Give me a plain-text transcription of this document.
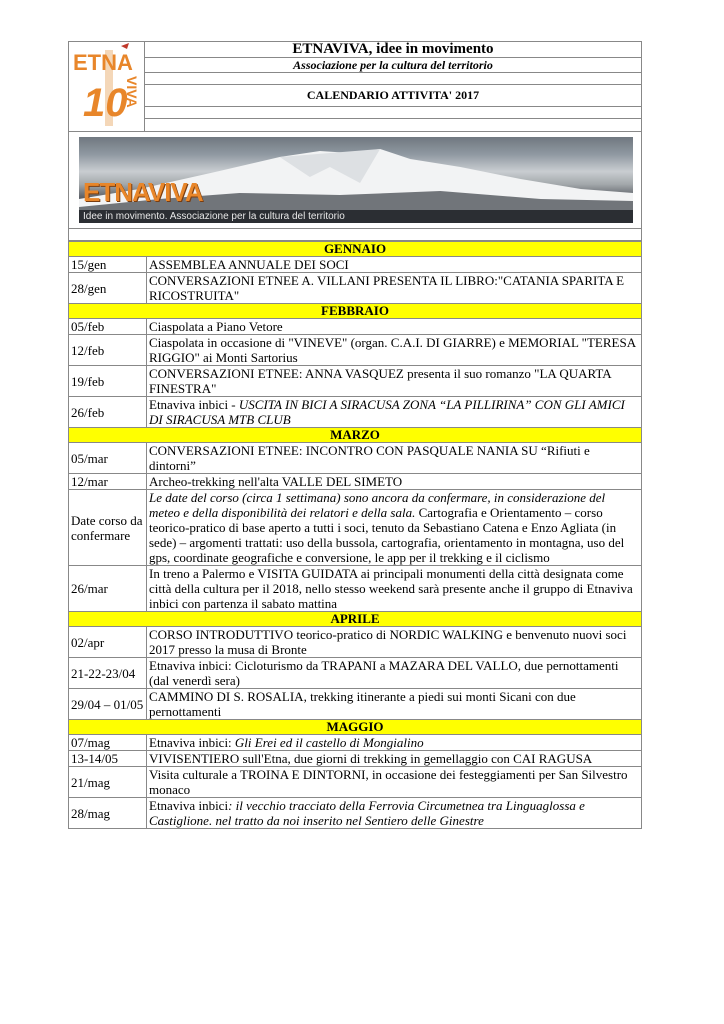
ETNA
10
VIVA
	ETNAVIVA, idee in movimento
Associazione per la cultura del territorio

CALENDARIO ATTIVITA' 2017

ETNAVIVA
Idee in movimento. Associazione per la cultura del territorio

GENNAIO	
15/gen	ASSEMBLEA ANNUALE DEI SOCI
28/gen	CONVERSAZIONI ETNEE A. VILLANI PRESENTA IL LIBRO:"CATANIA SPARITA E RICOSTRUITA"
FEBBRAIO	
05/feb	Ciaspolata a Piano Vetore
12/feb	Ciaspolata in occasione di "VINEVE" (organ. C.A.I. DI GIARRE) e MEMORIAL "TERESA RIGGIO" ai Monti Sartorius
19/feb	CONVERSAZIONI ETNEE: ANNA VASQUEZ presenta il suo romanzo "LA QUARTA FINESTRA"
26/feb	Etnaviva inbici - USCITA IN BICI A SIRACUSA ZONA “LA PILLIRINA” CON GLI AMICI DI SIRACUSA MTB CLUB
MARZO	
05/mar	CONVERSAZIONI ETNEE: INCONTRO CON PASQUALE NANIA SU “Rifiuti e dintorni”
12/mar	Archeo-trekking nell'alta VALLE DEL SIMETO
Date corso da confermare	Le date del corso (circa 1 settimana) sono ancora da confermare, in considerazione del meteo e della disponibilità dei relatori e della sala. Cartografia e Orientamento – corso teorico-pratico di base aperto a tutti i soci, tenuto da Sebastiano Catena e Enzo Agliata (in sede) – argomenti trattati: uso della bussola, cartografia, orientamento in montagna, uso del gps, coordinate geografiche e conversione, le app per il trekking e il ciclismo
26/mar	In treno a Palermo e VISITA GUIDATA ai principali monumenti della città designata come città della cultura per il 2018, nello stesso weekend sarà presente anche il gruppo di Etnaviva inbici con partenza il sabato mattina
APRILE	
02/apr	CORSO INTRODUTTIVO teorico-pratico di NORDIC WALKING e benvenuto nuovi soci 2017 presso la musa di Bronte
21-22-23/04	Etnaviva inbici: Cicloturismo da TRAPANI a MAZARA DEL VALLO, due pernottamenti (dal venerdì sera)
29/04 – 01/05	CAMMINO DI S. ROSALIA, trekking itinerante a piedi sui monti Sicani con due pernottamenti
MAGGIO	
07/mag	Etnaviva inbici: Gli Erei ed il castello di Mongialino
13-14/05	VIVISENTIERO sull'Etna, due giorni di trekking in gemellaggio con CAI RAGUSA
21/mag	Visita culturale a TROINA E DINTORNI, in occasione dei festeggiamenti per San Silvestro monaco
28/mag	Etnaviva inbici: il vecchio tracciato della Ferrovia Circumetnea tra Linguaglossa e Castiglione. nel tratto da noi inserito nel Sentiero delle Ginestre
